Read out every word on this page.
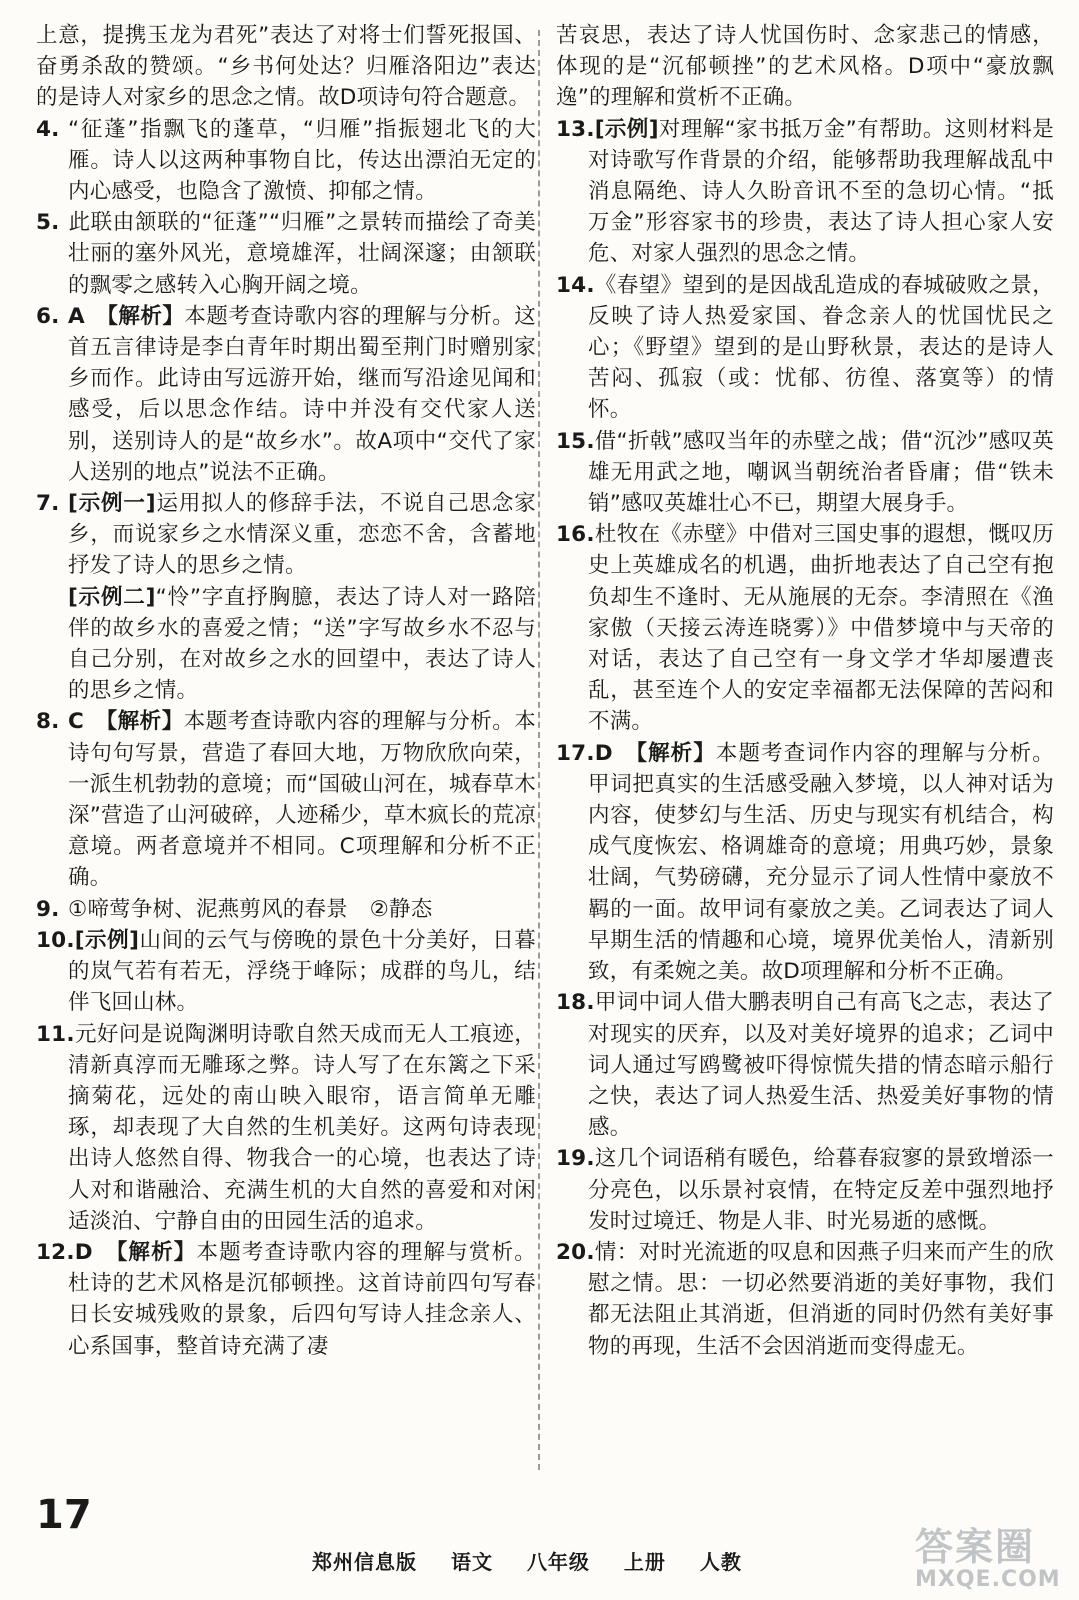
上意，提携玉龙为君死”表达了对将士们誓死报国、奋勇杀敌的赞颂。“乡书何处达？归雁洛阳边”表达的是诗人对家乡的思念之情。故D项诗句符合题意。

4. “征蓬”指飘飞的蓬草，“归雁”指振翅北飞的大雁。诗人以这两种事物自比，传达出漂泊无定的内心感受，也隐含了激愤、抑郁之情。

5. 此联由颔联的“征蓬”“归雁”之景转而描绘了奇美壮丽的塞外风光，意境雄浑，壮阔深邃；由颔联的飘零之感转入心胸开阔之境。

6. A　 【解析】本题考查诗歌内容的理解与分析。这首五言律诗是李白青年时期出蜀至荆门时赠别家乡而作。此诗由写远游开始，继而写沿途见闻和感受，后以思念作结。诗中并没有交代家人送别，送别诗人的是“故乡水”。故A项中“交代了家人送别的地点”说法不正确。

7. [示例一]运用拟人的修辞手法，不说自己思念家乡，而说家乡之水情深义重，恋恋不舍，含蓄地抒发了诗人的思乡之情。

[示例二]“怜”字直抒胸臆，表达了诗人对一路陪伴的故乡水的喜爱之情；“送”字写故乡水不忍与自己分别，在对故乡之水的回望中，表达了诗人的思乡之情。

8. C　 【解析】本题考查诗歌内容的理解与分析。本诗句句写景，营造了春回大地，万物欣欣向荣，一派生机勃勃的意境；而“国破山河在，城春草木深”营造了山河破碎，人迹稀少，草木疯长的荒凉意境。两者意境并不相同。C项理解和分析不正确。

9. ①啼莺争树、泥燕剪风的春景　②静态

10.[示例]山间的云气与傍晚的景色十分美好，日暮的岚气若有若无，浮绕于峰际；成群的鸟儿，结伴飞回山林。

11.元好问是说陶渊明诗歌自然天成而无人工痕迹，清新真淳而无雕琢之弊。诗人写了在东篱之下采摘菊花，远处的南山映入眼帘，语言简单无雕琢，却表现了大自然的生机美好。这两句诗表现出诗人悠然自得、物我合一的心境，也表达了诗人对和谐融洽、充满生机的大自然的喜爱和对闲适淡泊、宁静自由的田园生活的追求。

12.D　 【解析】本题考查诗歌内容的理解与赏析。杜诗的艺术风格是沉郁顿挫。这首诗前四句写春日长安城残败的景象，后四句写诗人挂念亲人、心系国事，整首诗充满了凄

苦哀思，表达了诗人忧国伤时、念家悲己的情感，体现的是“沉郁顿挫”的艺术风格。D项中“豪放飘逸”的理解和赏析不正确。

13.[示例]对理解“家书抵万金”有帮助。这则材料是对诗歌写作背景的介绍，能够帮助我理解战乱中消息隔绝、诗人久盼音讯不至的急切心情。“抵万金”形容家书的珍贵，表达了诗人担心家人安危、对家人强烈的思念之情。

14.《春望》望到的是因战乱造成的春城破败之景，反映了诗人热爱家国、眷念亲人的忧国忧民之心；《野望》望到的是山野秋景，表达的是诗人苦闷、孤寂（或：忧郁、彷徨、落寞等）的情怀。

15.借“折戟”感叹当年的赤壁之战；借“沉沙”感叹英雄无用武之地，嘲讽当朝统治者昏庸；借“铁未销”感叹英雄壮心不已，期望大展身手。

16.杜牧在《赤壁》中借对三国史事的遐想，慨叹历史上英雄成名的机遇，曲折地表达了自己空有抱负却生不逢时、无从施展的无奈。李清照在《渔家傲（天接云涛连晓雾）》中借梦境中与天帝的对话，表达了自己空有一身文学才华却屡遭丧乱，甚至连个人的安定幸福都无法保障的苦闷和不满。

17.D　 【解析】本题考查词作内容的理解与分析。甲词把真实的生活感受融入梦境，以人神对话为内容，使梦幻与生活、历史与现实有机结合，构成气度恢宏、格调雄奇的意境；用典巧妙，景象壮阔，气势磅礴，充分显示了词人性情中豪放不羁的一面。故甲词有豪放之美。乙词表达了词人早期生活的情趣和心境，境界优美怡人，清新别致，有柔婉之美。故D项理解和分析不正确。

18.甲词中词人借大鹏表明自己有高飞之志，表达了对现实的厌弃，以及对美好境界的追求；乙词中词人通过写鸥鹭被吓得惊慌失措的情态暗示船行之快，表达了词人热爱生活、热爱美好事物的情感。

19.这几个词语稍有暖色，给暮春寂寥的景致增添一分亮色，以乐景衬哀情，在特定反差中强烈地抒发时过境迁、物是人非、时光易逝的感慨。

20.情：对时光流逝的叹息和因燕子归来而产生的欣慰之情。思：一切必然要消逝的美好事物，我们都无法阻止其消逝，但消逝的同时仍然有美好事物的再现，生活不会因消逝而变得虚无。

17
郑州信息版 语文 八年级 上册 人教	答案圈
MXQE.COM
